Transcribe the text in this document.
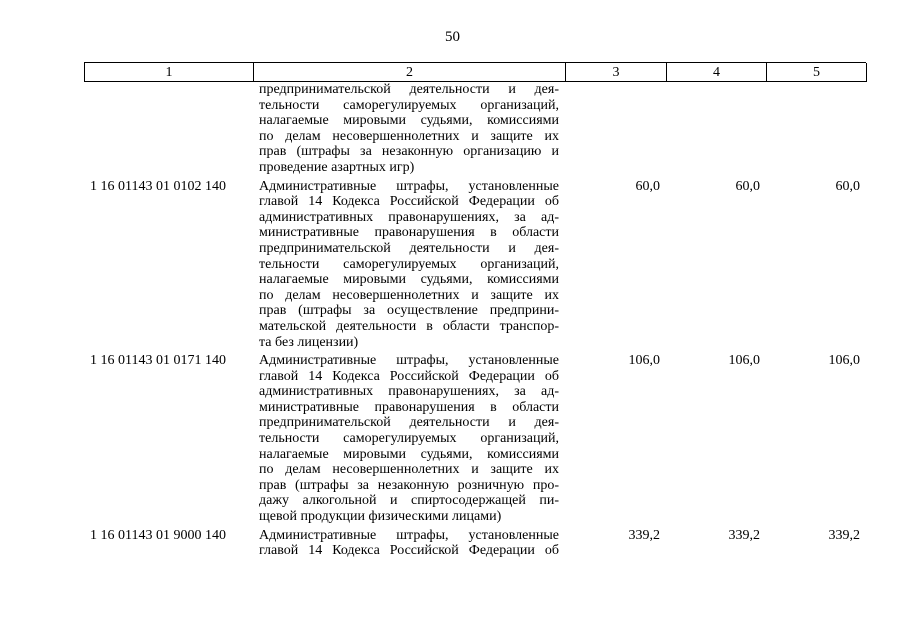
50
1	2	3	4	5
предпринимательской деятельности и дея-
тельности саморегулируемых организаций,
налагаемые мировыми судьями, комиссиями
по делам несовершеннолетних и защите их
прав (штрафы за незаконную организацию и
проведение азартных игр)
1 16 01143 01 0102 140	Административные штрафы, установленные
главой 14 Кодекса Российской Федерации об
административных правонарушениях, за ад-
министративные правонарушения в области
предпринимательской деятельности и дея-
тельности саморегулируемых организаций,
налагаемые мировыми судьями, комиссиями
по делам несовершеннолетних и защите их
прав (штрафы за осуществление предприни-
мательской деятельности в области транспор-
та без лицензии)
60,0	60,0	60,0
1 16 01143 01 0171 140	Административные штрафы, установленные
главой 14 Кодекса Российской Федерации об
административных правонарушениях, за ад-
министративные правонарушения в области
предпринимательской деятельности и дея-
тельности саморегулируемых организаций,
налагаемые мировыми судьями, комиссиями
по делам несовершеннолетних и защите их
прав (штрафы за незаконную розничную про-
дажу алкогольной и спиртосодержащей пи-
щевой продукции физическими лицами)
106,0	106,0	106,0
1 16 01143 01 9000 140	Административные штрафы, установленные
главой 14 Кодекса Российской Федерации об
339,2	339,2	339,2
